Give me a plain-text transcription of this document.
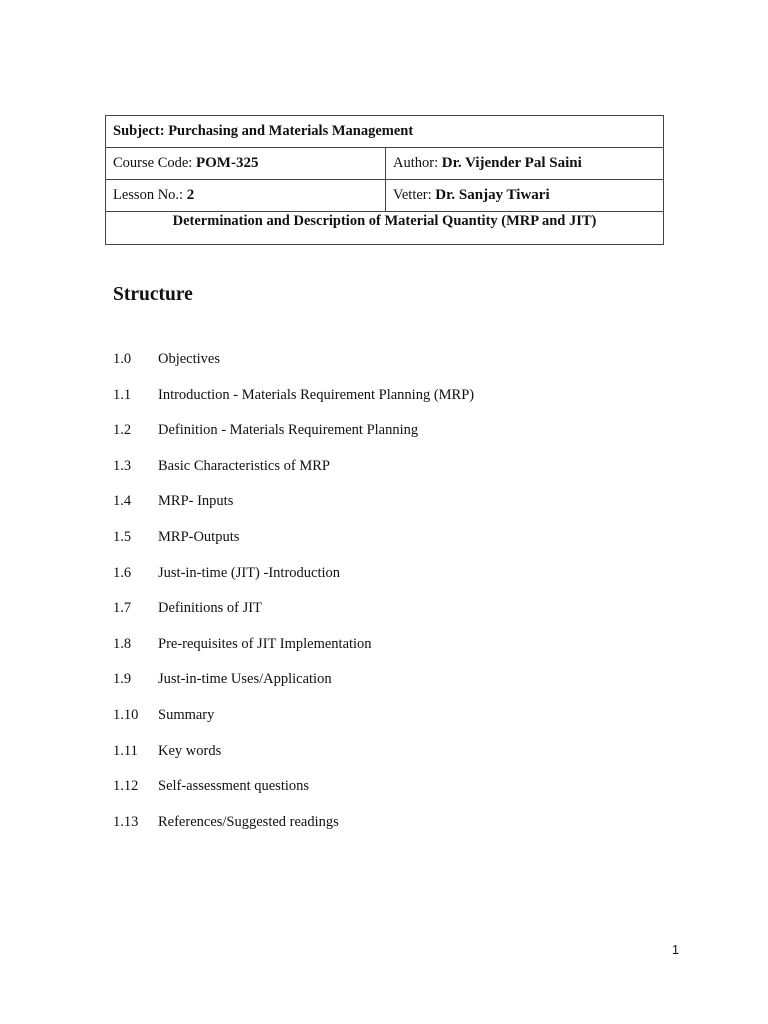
Subject: Purchasing and Materials Management	
Course Code: POM-325	Author: Dr. Vijender Pal Saini
Lesson No.: 2	Vetter: Dr. Sanjay Tiwari
Determination and Description of Material Quantity (MRP and JIT)	
Structure
1.0	Objectives
1.1	Introduction - Materials Requirement Planning (MRP)
1.2	Definition - Materials Requirement Planning
1.3	Basic Characteristics of MRP
1.4	MRP- Inputs
1.5	MRP-Outputs
1.6	Just-in-time (JIT) -Introduction
1.7	Definitions of JIT
1.8	Pre-requisites of JIT Implementation
1.9	Just-in-time Uses/Application
1.10	Summary
1.11	Key words
1.12	Self-assessment questions
1.13	References/Suggested readings
1
